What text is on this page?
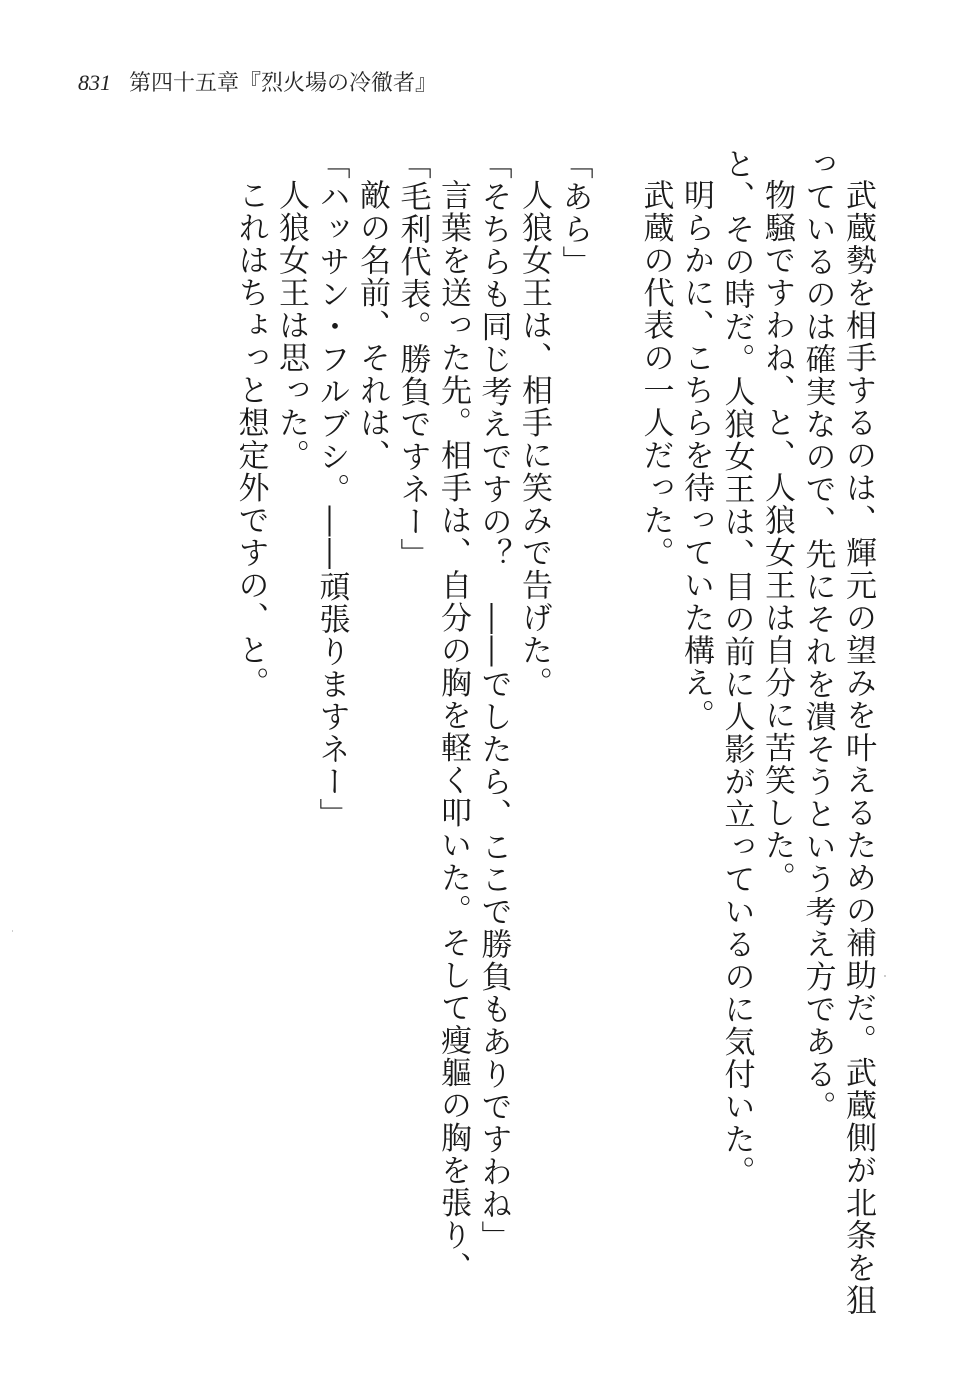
831 第四十五章『烈火場の冷徹者』

武蔵勢を相手するのは、輝元の望みを叶えるための補助だ。武蔵側が北条を狙っているのは確実なので、先にそれを潰そうという考え方である。

物騒ですわね、と、人狼女王は自分に苦笑した。

と、その時だ。人狼女王は、目の前に人影が立っているのに気付いた。

明らかに、こちらを待っていた構え。

武蔵の代表の一人だった。

「あら」

人狼女王は、相手に笑みで告げた。

「そちらも同じ考えですの？　――でしたら、ここで勝負もありですわね」

言葉を送った先。相手は、自分の胸を軽く叩いた。そして瘦軀の胸を張り、

「毛利代表。勝負ですネー」

敵の名前、それは、

「ハッサン・フルブシ。――頑張りますネー」

人狼女王は思った。

これはちょっと想定外ですの、と。
